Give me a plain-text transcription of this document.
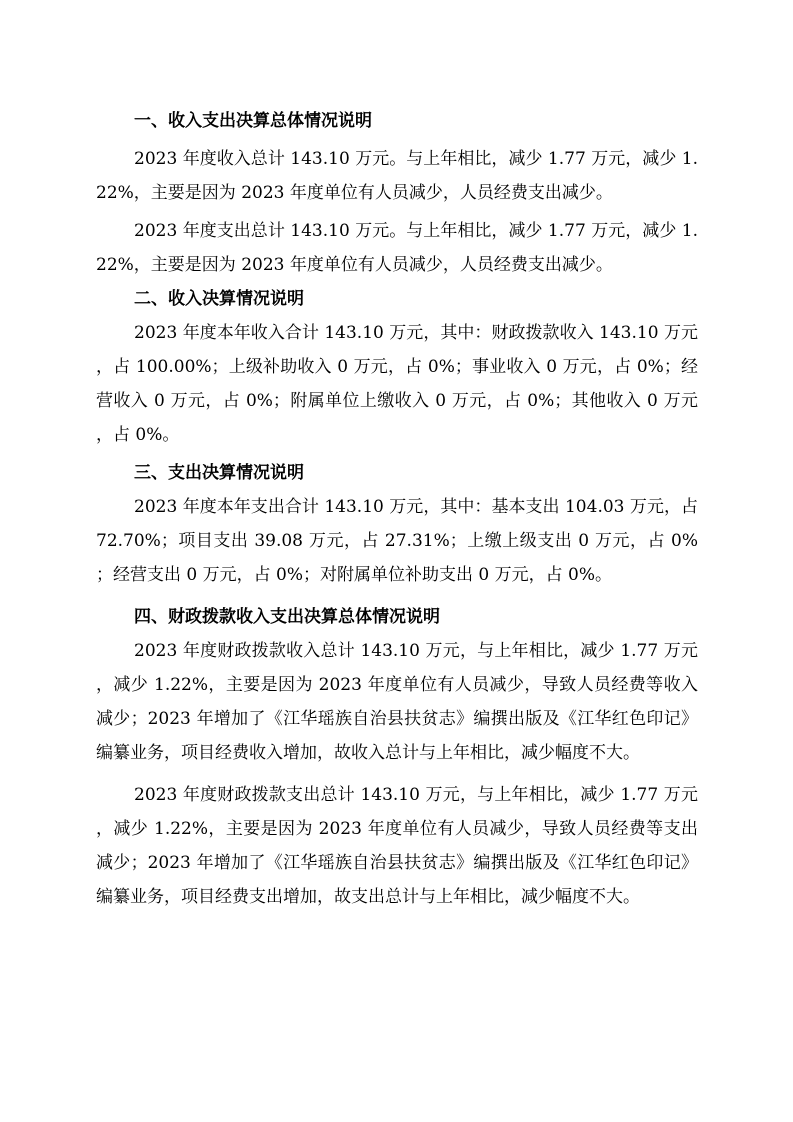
一、收入支出决算总体情况说明

2023 年度收入总计 143.10 万元。与上年相比，减少 1.77 万元，减少 1.22%，主要是因为 2023 年度单位有人员减少，人员经费支出减少。

2023 年度支出总计 143.10 万元。与上年相比，减少 1.77 万元，减少 1.22%，主要是因为 2023 年度单位有人员减少，人员经费支出减少。

二、收入决算情况说明

2023 年度本年收入合计 143.10 万元，其中：财政拨款收入 143.10 万元，占 100.00%；上级补助收入 0 万元，占 0%；事业收入 0 万元，占 0%；经营收入 0 万元，占 0%；附属单位上缴收入 0 万元，占 0%；其他收入 0 万元，占 0%。

三、支出决算情况说明

2023 年度本年支出合计 143.10 万元，其中：基本支出 104.03 万元，占 72.70%；项目支出 39.08 万元，占 27.31%；上缴上级支出 0 万元，占 0%；经营支出 0 万元，占 0%；对附属单位补助支出 0 万元，占 0%。

四、财政拨款收入支出决算总体情况说明

2023 年度财政拨款收入总计 143.10 万元，与上年相比，减少 1.77 万元，减少 1.22%，主要是因为 2023 年度单位有人员减少，导致人员经费等收入减少；2023 年增加了《江华瑶族自治县扶贫志》编撰出版及《江华红色印记》编纂业务，项目经费收入增加，故收入总计与上年相比，减少幅度不大。

2023 年度财政拨款支出总计 143.10 万元，与上年相比，减少 1.77 万元，减少 1.22%，主要是因为 2023 年度单位有人员减少，导致人员经费等支出减少；2023 年增加了《江华瑶族自治县扶贫志》编撰出版及《江华红色印记》编纂业务，项目经费支出增加，故支出总计与上年相比，减少幅度不大。
